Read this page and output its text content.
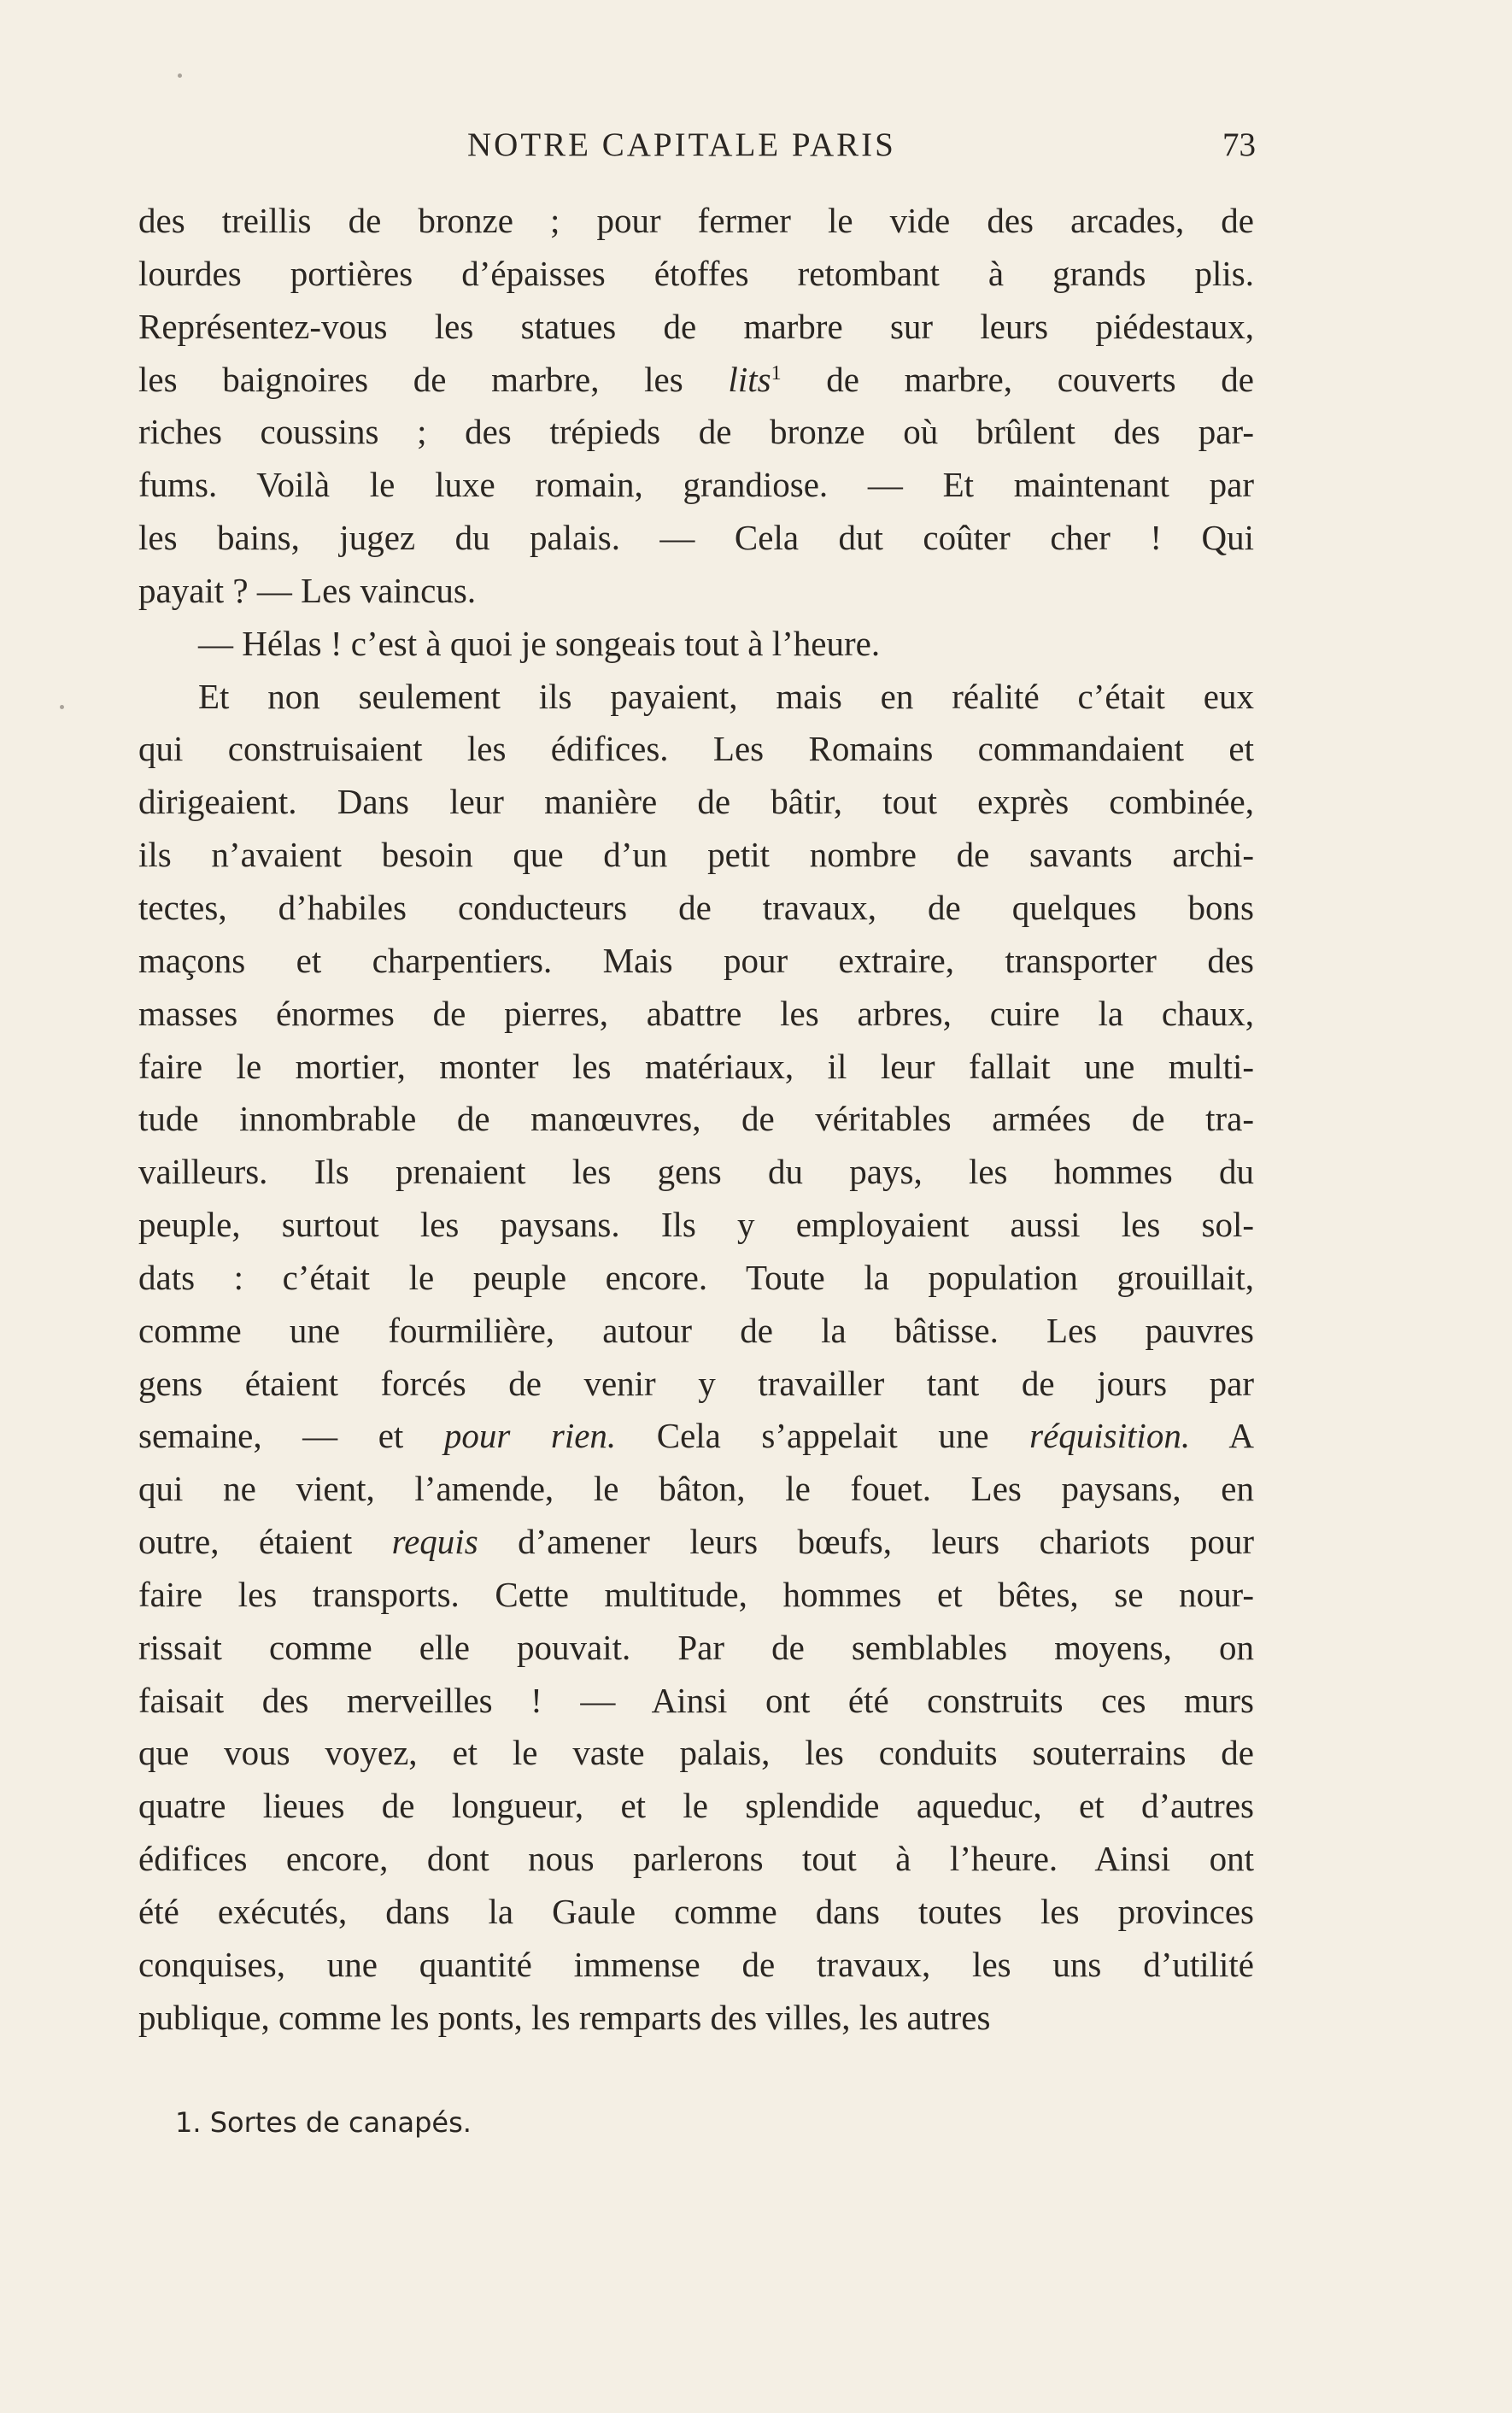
NOTRE CAPITALE PARIS	73
des treillis de bronze ; pour fermer le vide des arcades, de
lourdes portières d’épaisses étoffes retombant à grands plis.
Représentez-vous les statues de marbre sur leurs piédestaux,
les baignoires de marbre, les lits$^1$ de marbre, couverts de
riches coussins ; des trépieds de bronze où brûlent des par-
fums. Voilà le luxe romain, grandiose. — Et maintenant par
les bains, jugez du palais. — Cela dut coûter cher ! Qui
payait ? — Les vaincus.
— Hélas ! c’est à quoi je songeais tout à l’heure.
Et non seulement ils payaient, mais en réalité c’était eux
qui construisaient les édifices. Les Romains commandaient et
dirigeaient. Dans leur manière de bâtir, tout exprès combinée,
ils n’avaient besoin que d’un petit nombre de savants archi-
tectes, d’habiles conducteurs de travaux, de quelques bons
maçons et charpentiers. Mais pour extraire, transporter des
masses énormes de pierres, abattre les arbres, cuire la chaux,
faire le mortier, monter les matériaux, il leur fallait une multi-
tude innombrable de manœuvres, de véritables armées de tra-
vailleurs. Ils prenaient les gens du pays, les hommes du
peuple, surtout les paysans. Ils y employaient aussi les sol-
dats : c’était le peuple encore. Toute la population grouillait,
comme une fourmilière, autour de la bâtisse. Les pauvres
gens étaient forcés de venir y travailler tant de jours par
semaine, — et pour rien. Cela s’appelait une réquisition. A
qui ne vient, l’amende, le bâton, le fouet. Les paysans, en
outre, étaient requis d’amener leurs bœufs, leurs chariots pour
faire les transports. Cette multitude, hommes et bêtes, se nour-
rissait comme elle pouvait. Par de semblables moyens, on
faisait des merveilles ! — Ainsi ont été construits ces murs
que vous voyez, et le vaste palais, les conduits souterrains de
quatre lieues de longueur, et le splendide aqueduc, et d’autres
édifices encore, dont nous parlerons tout à l’heure. Ainsi ont
été exécutés, dans la Gaule comme dans toutes les provinces
conquises, une quantité immense de travaux, les uns d’utilité
publique, comme les ponts, les remparts des villes, les autres
1. Sortes de canapés.
